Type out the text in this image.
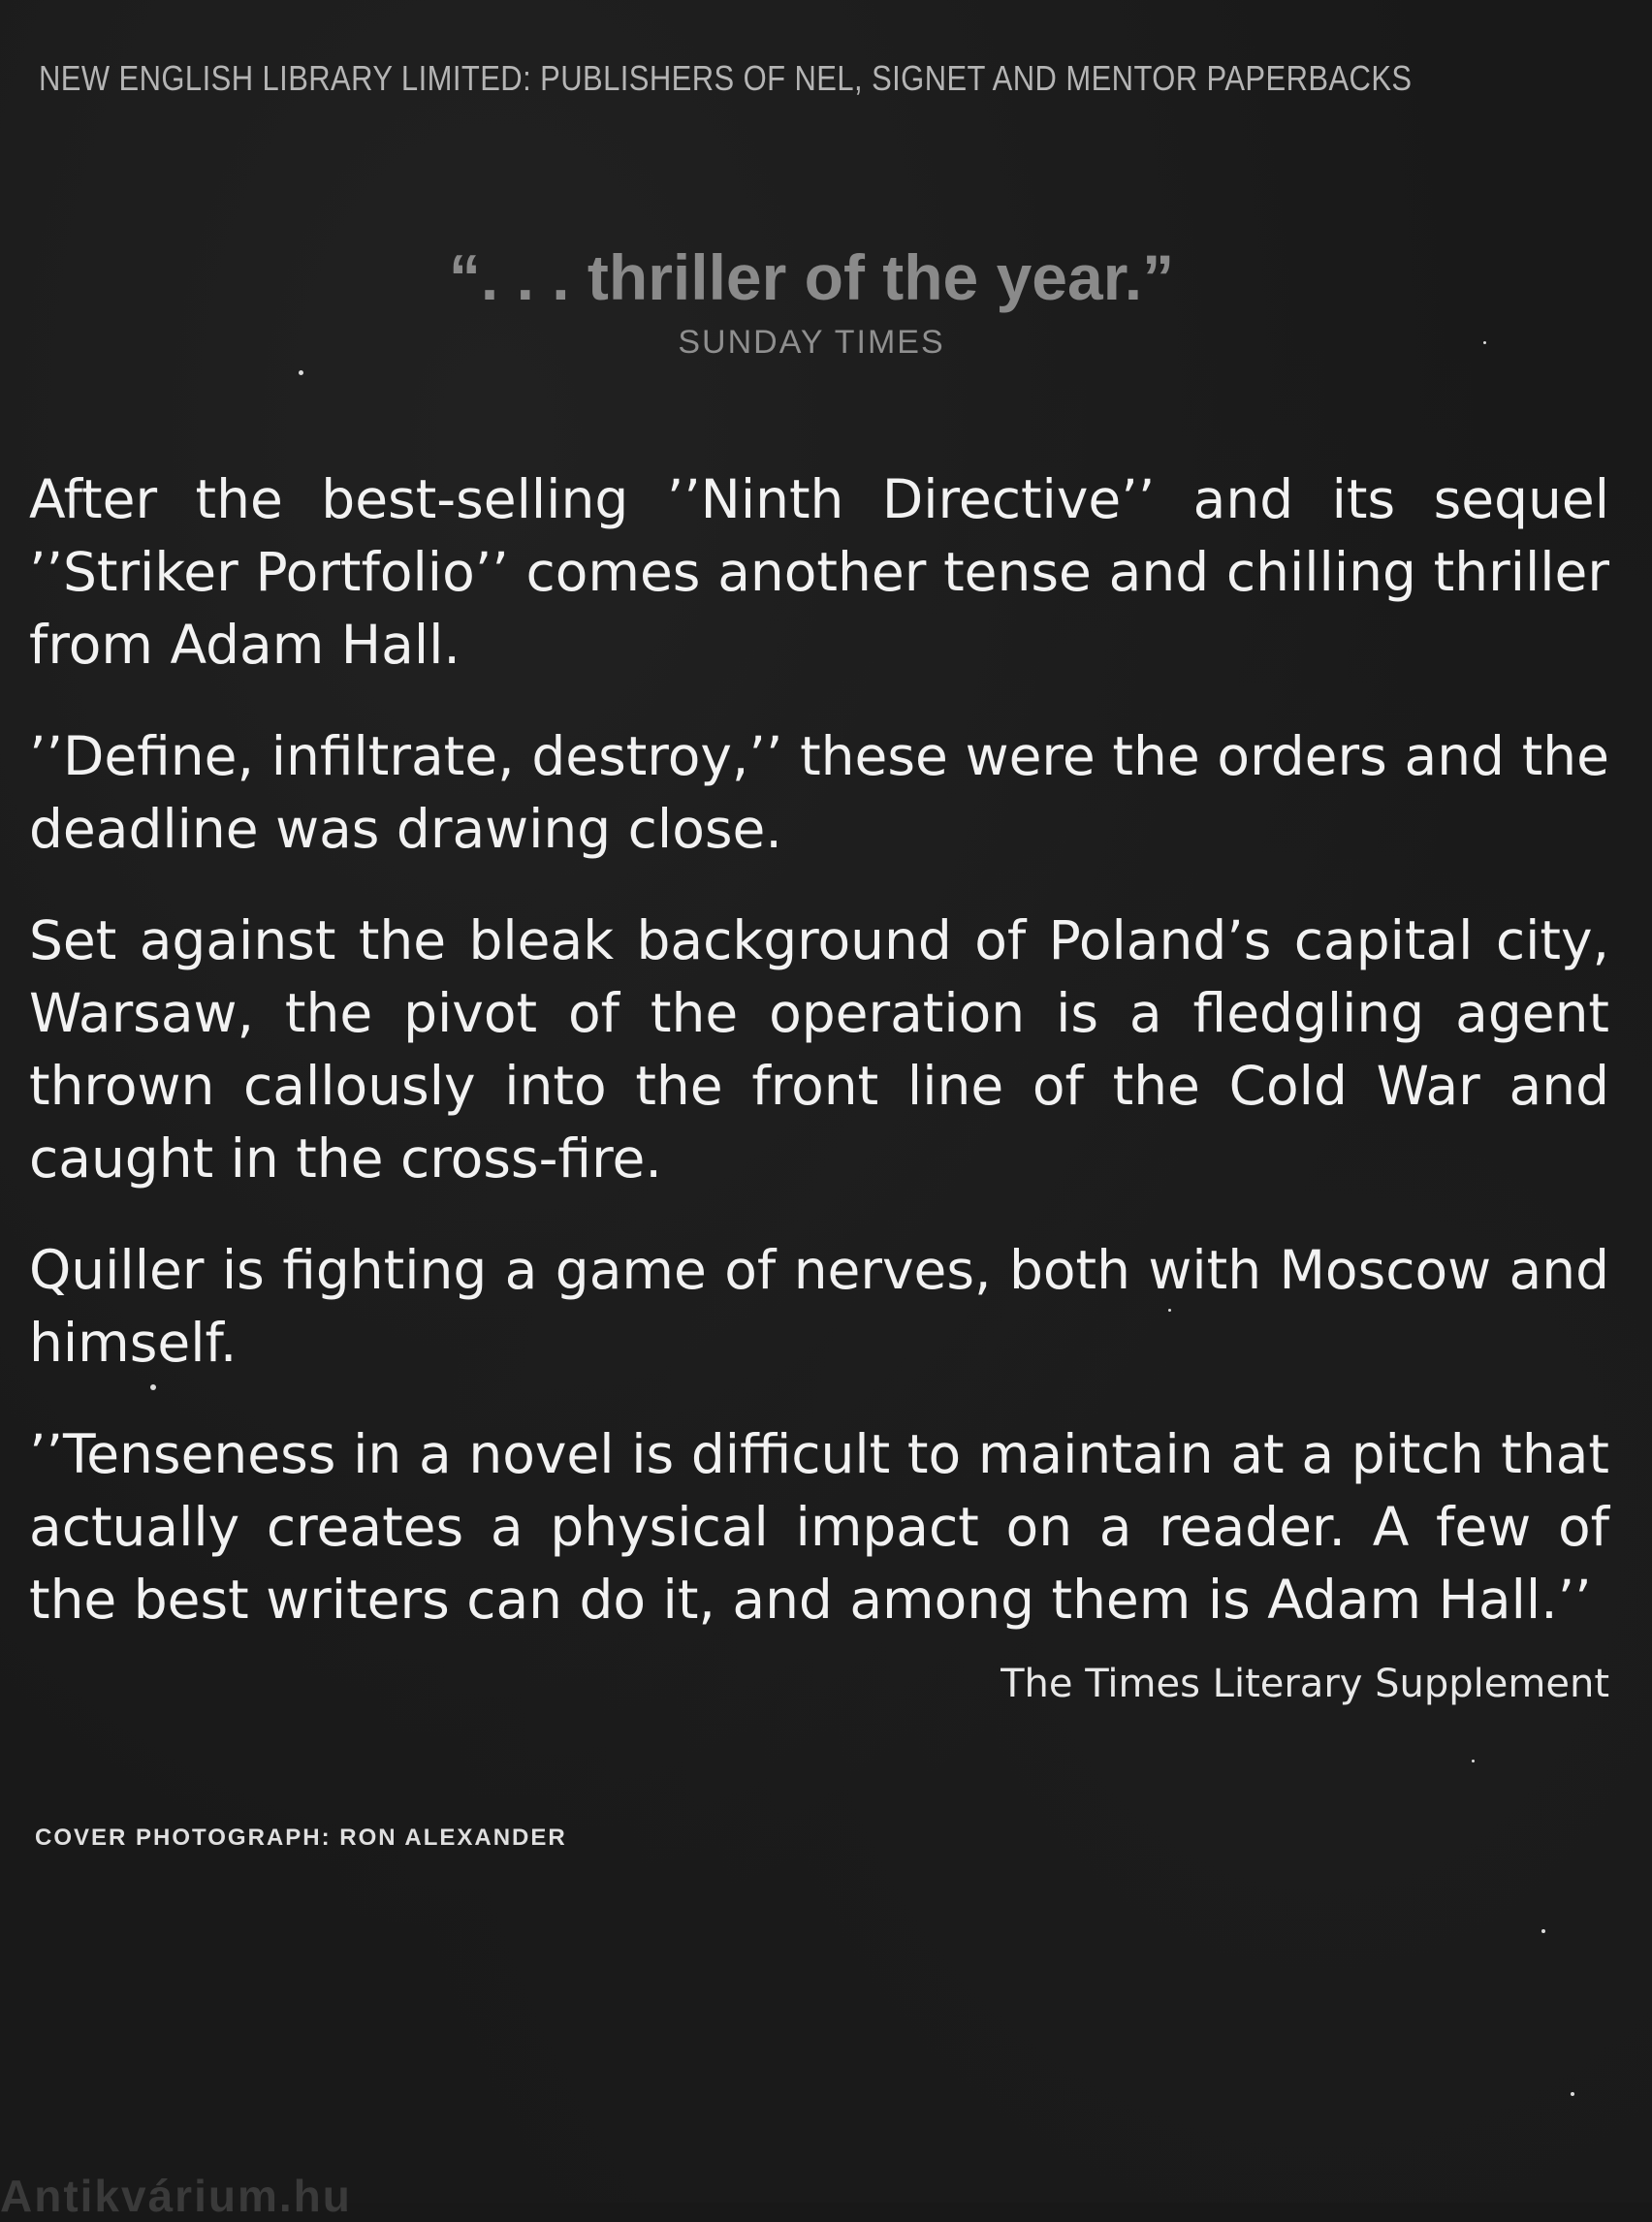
NEW ENGLISH LIBRARY LIMITED: PUBLISHERS OF NEL, SIGNET AND MENTOR PAPERBACKS
“. . . thriller of the year.”
SUNDAY TIMES

After the best-selling ’’Ninth Directive’’ and its sequel ’’Striker Portfolio’’ comes another tense and chilling thriller from Adam Hall.

’’Define, infiltrate, destroy,’’ these were the orders and the deadline was drawing close.

Set against the bleak background of Poland’s capital city, Warsaw, the pivot of the operation is a fledgling agent thrown callously into the front line of the Cold War and caught in the cross-fire.

Quiller is fighting a game of nerves, both with Moscow and himself.

’’Tenseness in a novel is difficult to maintain at a pitch that actually creates a physical impact on a reader. A few of the best writers can do it, and among them is Adam Hall.’’
The Times Literary Supplement

COVER PHOTOGRAPH: RON ALEXANDER
Antikvárium.hu
